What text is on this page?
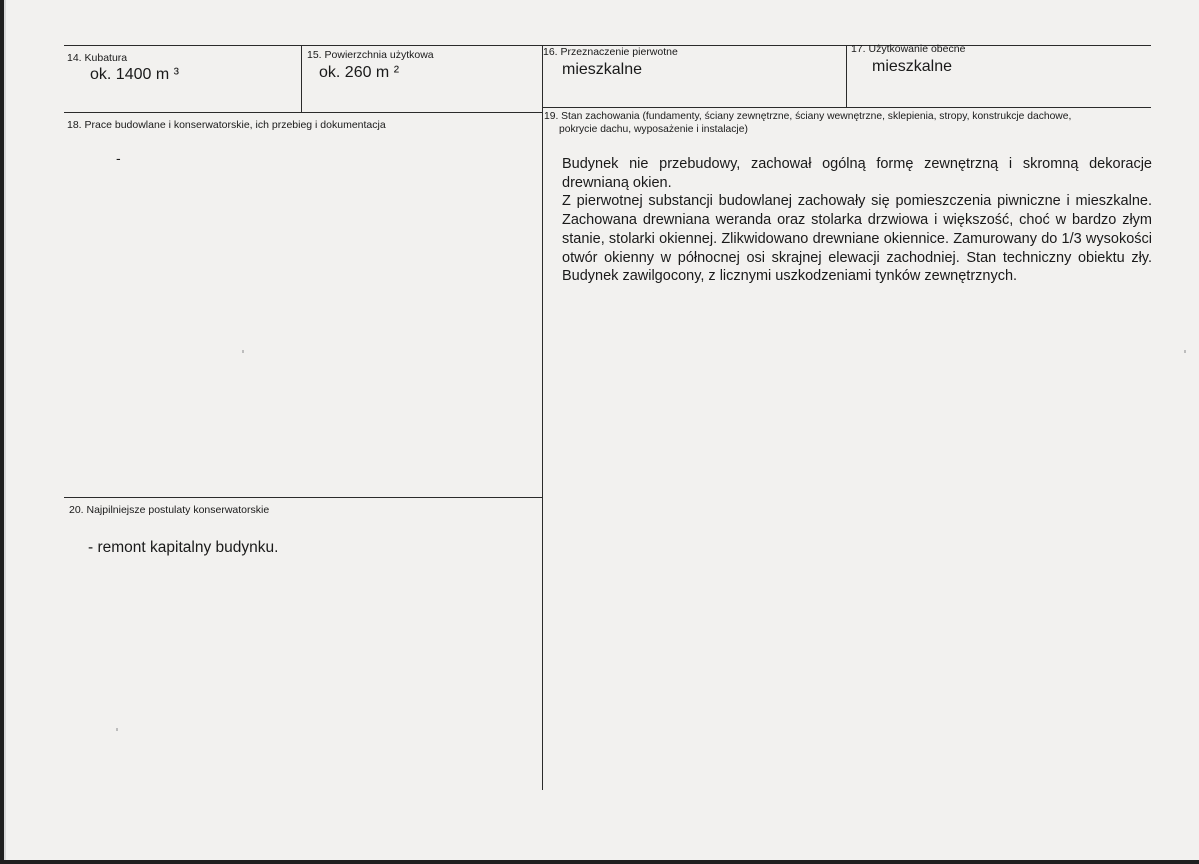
14. Kubatura
ok. 1400 m ³
15. Powierzchnia użytkowa
ok. 260 m ²
16. Przeznaczenie pierwotne
mieszkalne
17. Użytkowanie obecne
mieszkalne
18. Prace budowlane i konserwatorskie, ich przebieg i dokumentacja
-
19. Stan zachowania (fundamenty, ściany zewnętrzne, ściany wewnętrzne, sklepienia, stropy, konstrukcje dachowe,
pokrycie dachu, wyposażenie i instalacje)

Budynek nie przebudowy, zachował ogólną formę zewnętrzną i skromną dekoracje drewnianą okien.

Z pierwotnej substancji budowlanej zachowały się pomieszczenia piwniczne i mieszkalne. Zachowana drewniana weranda oraz stolarka drzwiowa i większość, choć w bardzo złym stanie, stolarki okiennej. Zlikwidowano drewniane okiennice. Zamurowany do 1/3 wysokości otwór okienny w północnej osi skrajnej elewacji zachodniej. Stan techniczny obiektu zły. Budynek zawilgocony, z licznymi uszkodzeniami tynków zewnętrznych.

20. Najpilniejsze postulaty konserwatorskie
- remont kapitalny budynku.
